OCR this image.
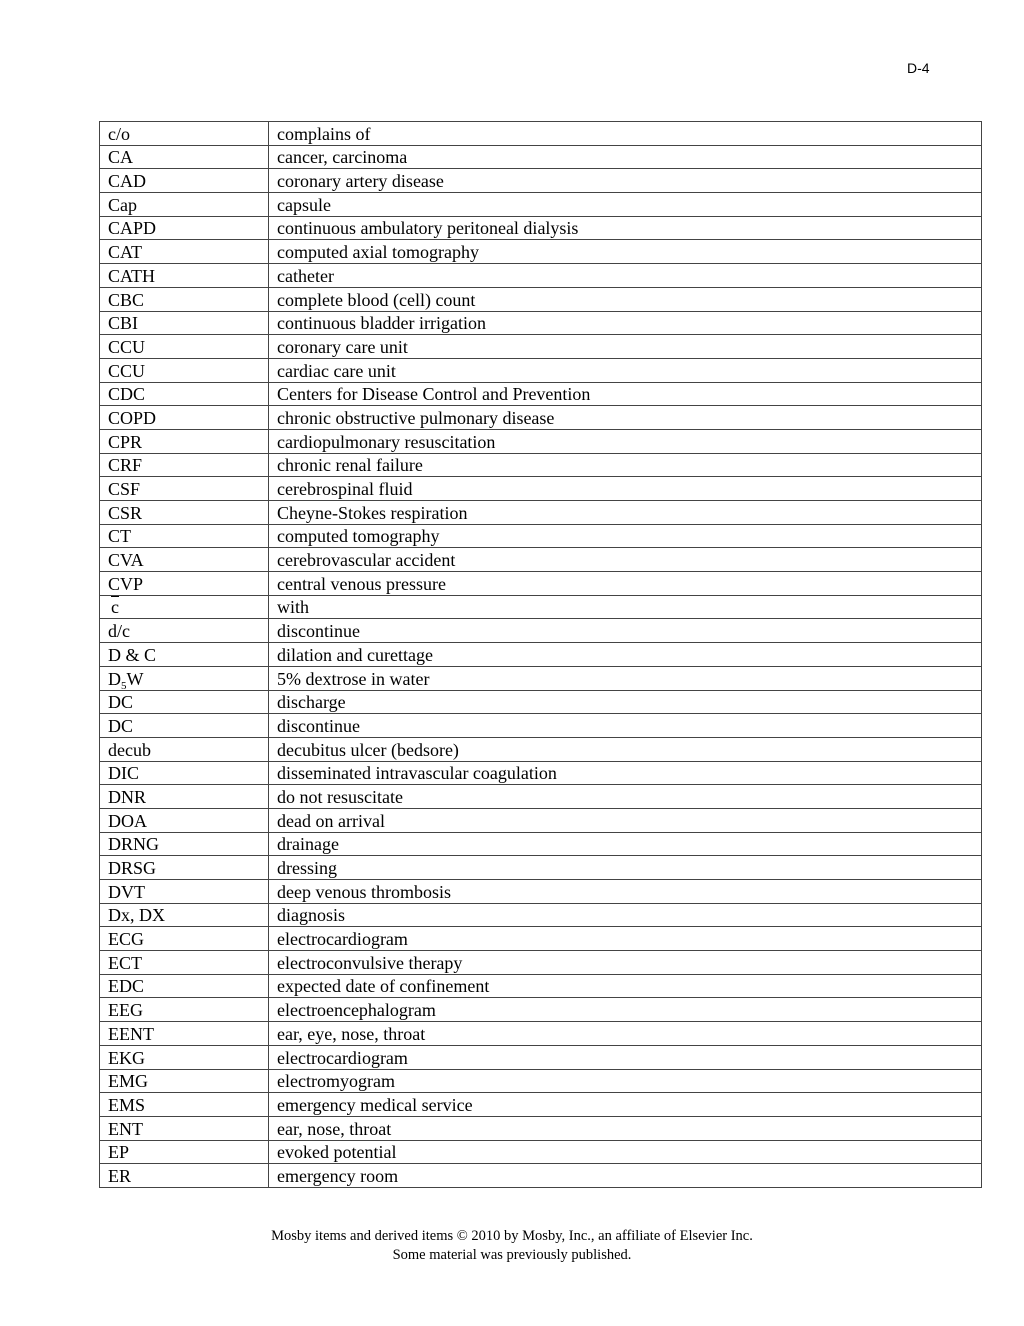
D-4
c/o	complains of
CA	cancer, carcinoma
CAD	coronary artery disease
Cap	capsule
CAPD	continuous ambulatory peritoneal dialysis
CAT	computed axial tomography
CATH	catheter
CBC	complete blood (cell) count
CBI	continuous bladder irrigation
CCU	coronary care unit
CCU	cardiac care unit
CDC	Centers for Disease Control and Prevention
COPD	chronic obstructive pulmonary disease
CPR	cardiopulmonary resuscitation
CRF	chronic renal failure
CSF	cerebrospinal fluid
CSR	Cheyne-Stokes respiration
CT	computed tomography
CVA	cerebrovascular accident
CVP	central venous pressure
$\overline{c}$	with
d/c	discontinue
D & C	dilation and curettage
$D_5W$	5% dextrose in water
DC	discharge
DC	discontinue
decub	decubitus ulcer (bedsore)
DIC	disseminated intravascular coagulation
DNR	do not resuscitate
DOA	dead on arrival
DRNG	drainage
DRSG	dressing
DVT	deep venous thrombosis
Dx, DX	diagnosis
ECG	electrocardiogram
ECT	electroconvulsive therapy
EDC	expected date of confinement
EEG	electroencephalogram
EENT	ear, eye, nose, throat
EKG	electrocardiogram
EMG	electromyogram
EMS	emergency medical service
ENT	ear, nose, throat
EP	evoked potential
ER	emergency room
Mosby items and derived items © 2010 by Mosby, Inc., an affiliate of Elsevier Inc.
Some material was previously published.
